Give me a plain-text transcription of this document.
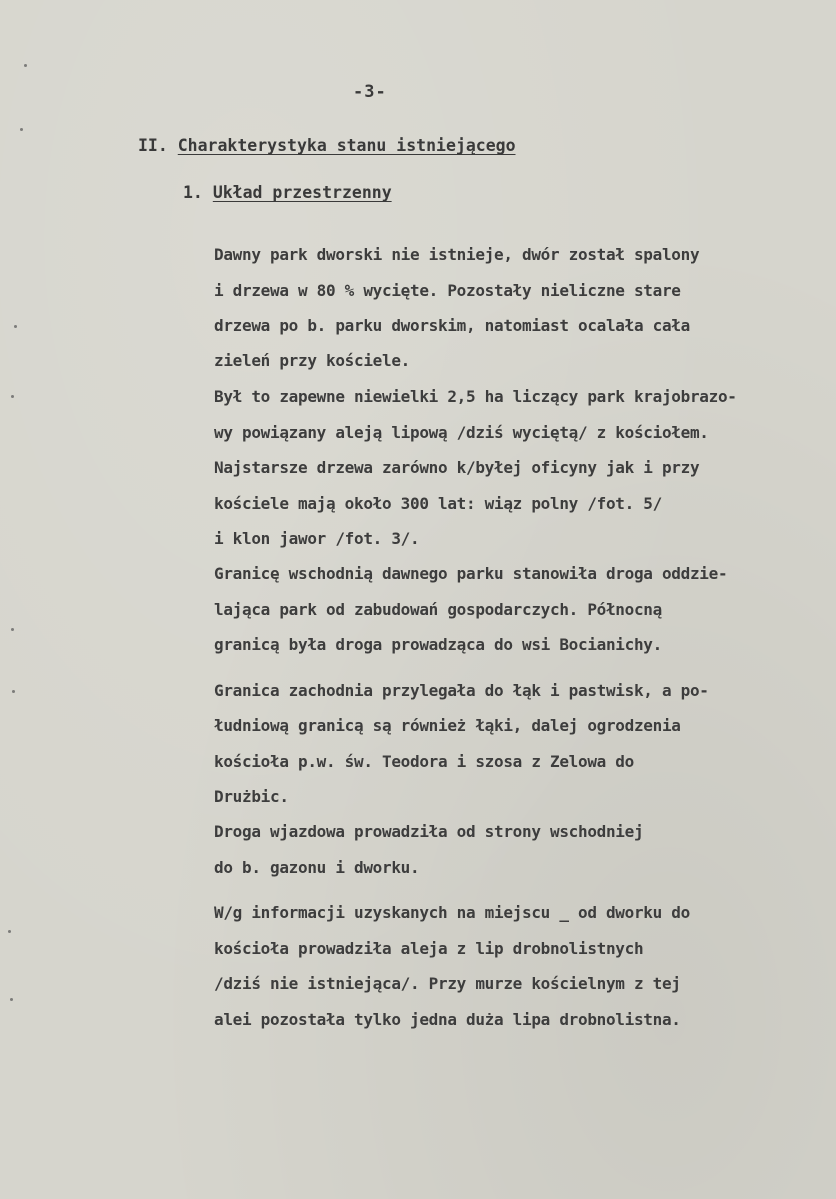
-3-
II. Charakterystyka stanu istniejącego
1. Układ przestrzenny
Dawny park dworski nie istnieje, dwór został spalony
i drzewa w 80 % wycięte. Pozostały nieliczne stare
drzewa po b. parku dworskim, natomiast ocalała cała
zieleń przy kościele.
Był to zapewne niewielki 2,5 ha liczący park krajobrazo-
wy powiązany aleją lipową /dziś wyciętą/ z kościołem.
Najstarsze drzewa zarówno k/byłej oficyny jak i przy
kościele mają około 300 lat: wiąz polny /fot. 5/
i klon jawor /fot. 3/.
Granicę wschodnią dawnego parku stanowiła droga oddzie-
lająca park od zabudowań gospodarczych. Północną
granicą była droga prowadząca do wsi Bocianichy.
Granica zachodnia przylegała do łąk i pastwisk, a po-
łudniową granicą są również łąki, dalej ogrodzenia
kościoła p.w. św. Teodora i szosa z Zelowa do
Drużbic.
Droga wjazdowa prowadziła od strony wschodniej
do b. gazonu i dworku.
W/g informacji uzyskanych na miejscu _ od dworku do
kościoła prowadziła aleja z lip drobnolistnych
/dziś nie istniejąca/. Przy murze kościelnym z tej
alei pozostała tylko jedna duża lipa drobnolistna.
